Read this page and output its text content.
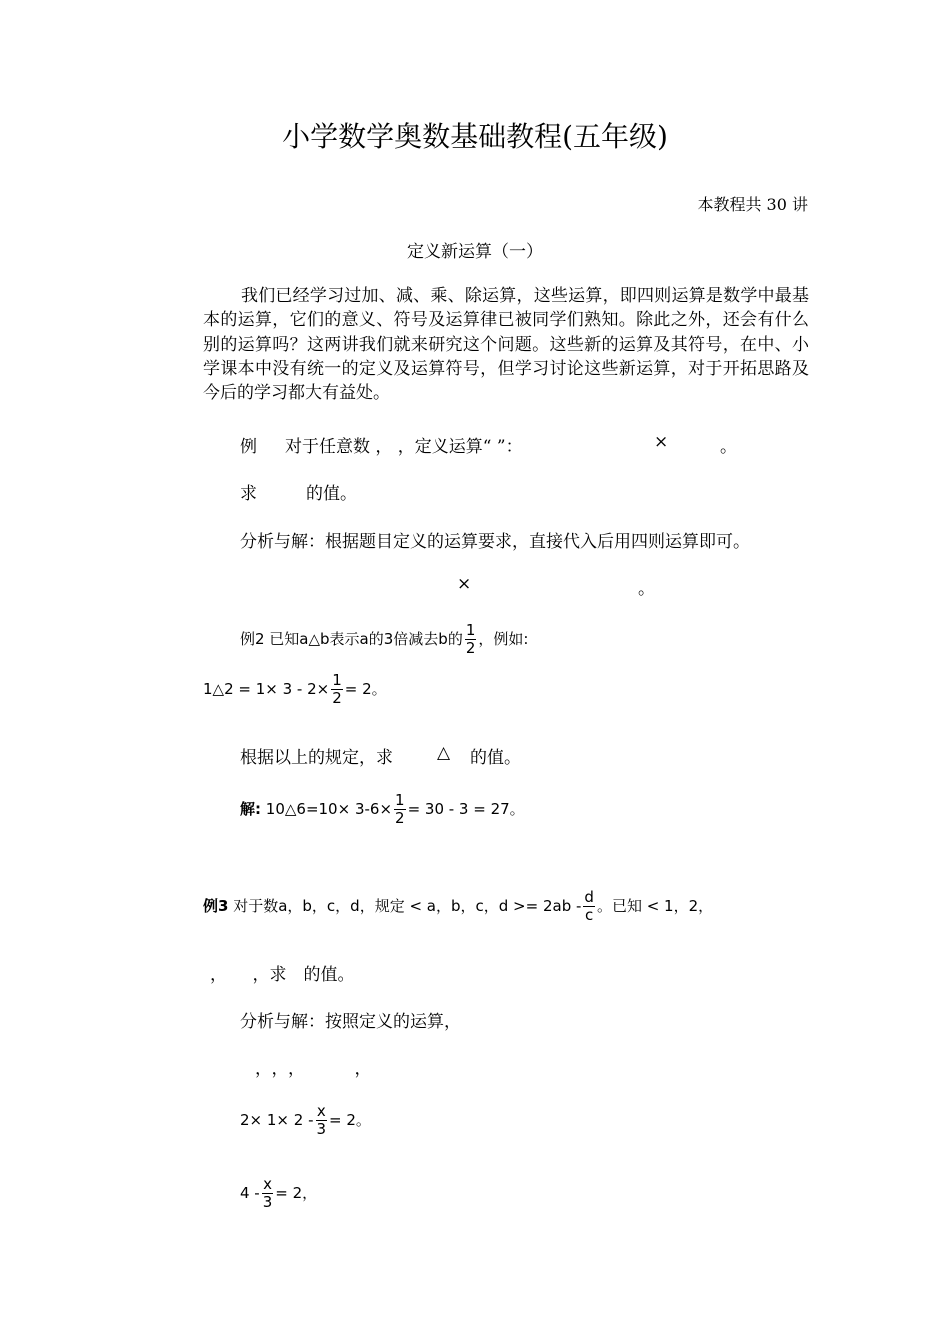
小学数学奥数基础教程(五年级)
本教程共 30 讲
定义新运算（一）
我们已经学习过加、减、乘、除运算，这些运算，即四则运算是数学中最基本的运算，它们的意义、符号及运算律已被同学们熟知。除此之外，还会有什么别的运算吗？这两讲我们就来研究这个问题。这些新的运算及其符号，在中、小学课本中没有统一的定义及运算符号，但学习讨论这些新运算，对于开拓思路及今后的学习都大有益处。
例 对于任意数 ， ，定义运算“ ”：	×	。
求	的值。
分析与解：根据题目定义的运算要求，直接代入后用四则运算即可。
×	。
例2 已知a△b表示a的3倍减去b的 $\frac{1}{2}$ ，例如:
1△2 = $1\times 3 - 2\times \frac{1}{2} = 2$。
根据以上的规定，求	△ 的值。
解: 10△6=10× $3-6\times \frac{1}{2} = 30 - 3 = 27$。
例3 对于数a，b，c，d，规定 < a，b，c，$d >= 2ab - \frac{d}{c}$ 。已知 < 1，2，
，　　，求　的值。
分析与解：按照定义的运算，
，，，　　，
$2\times 1\times 2 - \frac{x}{3} = 2$。
$4 - \frac{x}{3} = 2$，
